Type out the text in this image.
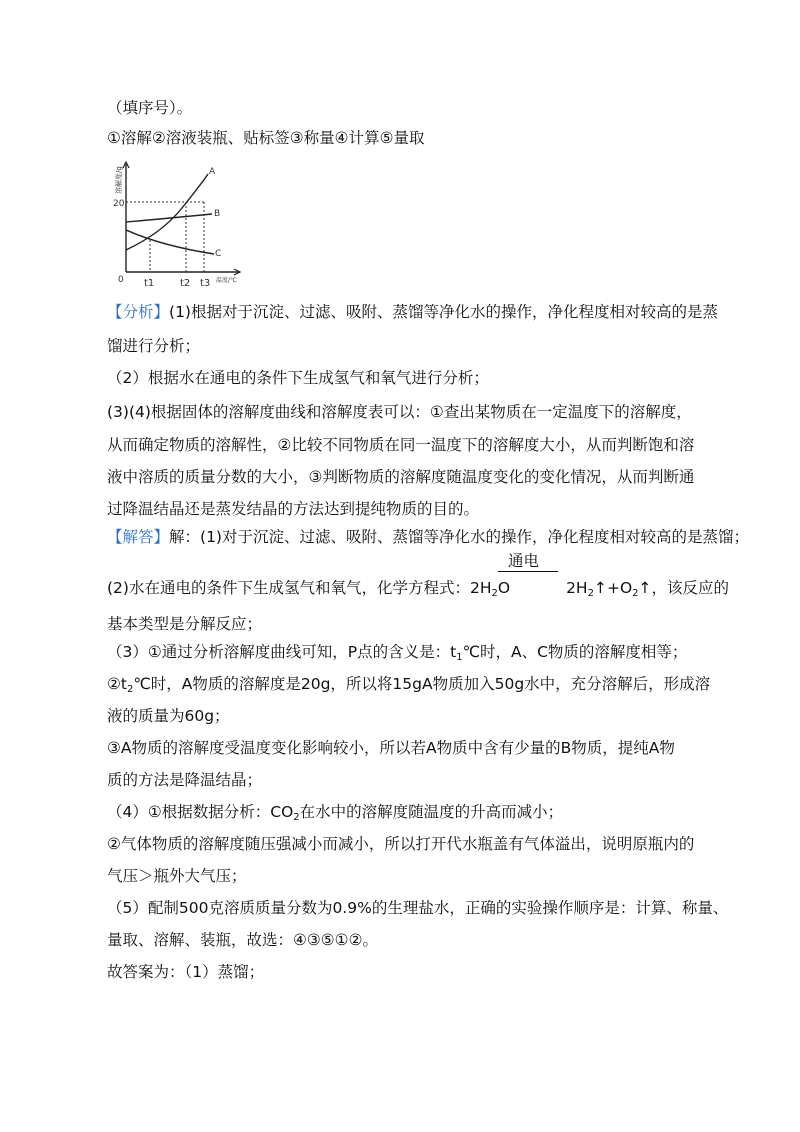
（填序号）。
①溶解②溶液装瓶、贴标签③称量④计算⑤量取
20
0 t1	t2 t3 温度/℃
A
B
C
溶解度/g
【分析】(1)根据对于沉淀、过滤、吸附、蒸馏等净化水的操作，净化程度相对较高的是蒸
馏进行分析；
（2）根据水在通电的条件下生成氢气和氧气进行分析；
(3)(4)根据固体的溶解度曲线和溶解度表可以：①查出某物质在一定温度下的溶解度，
从而确定物质的溶解性，②比较不同物质在同一温度下的溶解度大小，从而判断饱和溶
液中溶质的质量分数的大小，③判断物质的溶解度随温度变化的变化情况，从而判断通
过降温结晶还是蒸发结晶的方法达到提纯物质的目的。
【解答】解：(1)对于沉淀、过滤、吸附、蒸馏等净化水的操作，净化程度相对较高的是蒸馏；
通电
(2)水在通电的条件下生成氢气和氧气，化学方程式：$2H_2O$	$2H_2↑+O_2↑$，该反应的
基本类型是分解反应；
（3）①通过分析溶解度曲线可知，P点的含义是：$t_1℃$时，A、C物质的溶解度相等；
$②t_2℃$时，A物质的溶解度是20g，所以将15gA物质加入50g水中，充分溶解后，形成溶
液的质量为60g；
③A物质的溶解度受温度变化影响较小，所以若A物质中含有少量的B物质，提纯A物
质的方法是降温结晶；
（4）①根据数据分析：$CO_2$在水中的溶解度随温度的升高而减小；
②气体物质的溶解度随压强减小而减小，所以打开代水瓶盖有气体溢出，说明原瓶内的
气压＞瓶外大气压；
（5）配制500克溶质质量分数为0.9%的生理盐水，正确的实验操作顺序是：计算、称量、
量取、溶解、装瓶，故选：④③⑤①②。
故答案为：（1）蒸馏；
